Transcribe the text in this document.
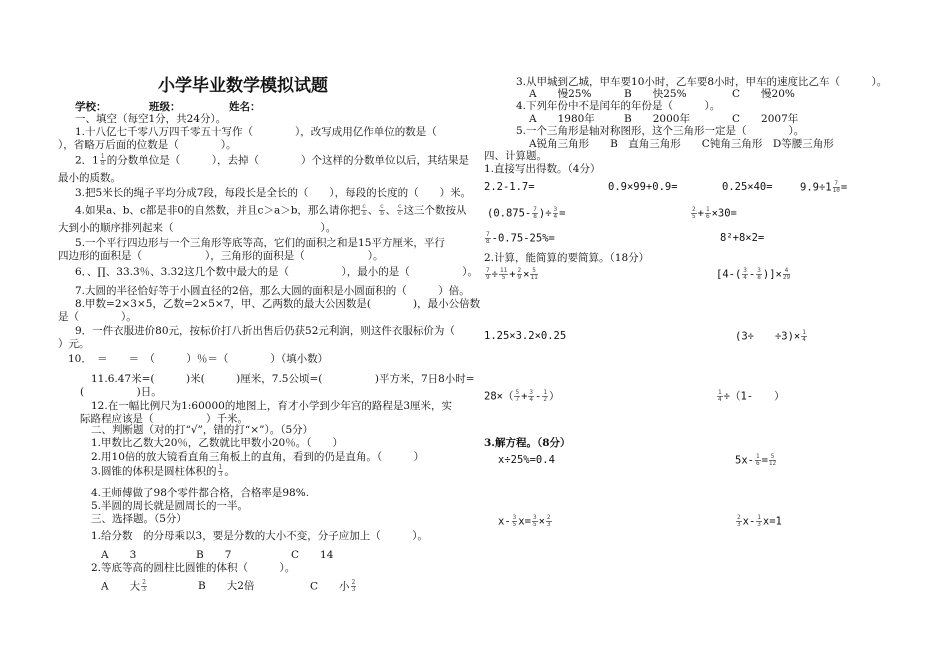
小学毕业数学模拟试题
学校：	班级：	姓名：
一、填空（每空1分，共24分）。
1.十八亿七千零八万四千零五十写作（　　　　），改写成用亿作单位的数是（
），省略万后面的位数是（　　　　）。
2．$1 \frac{1}{8}$ 的分数单位是（　　　），去掉（　　　　）个这样的分数单位以后，其结果是
最小的质数。
3.把5米长的绳子平均分成7段，每段长是全长的（　　），每段的长度的（　　）米。
4.如果a、b、c都是非0的自然数，并且c＞a＞b，那么请你把 $\frac{c}{a}$ 、 $\frac{c}{b}$ 、 $\frac{c}{c}$ 这三个数按从
大到小的顺序排列起来（　　　　　　　　　　　　　　）。
5.一个平行四边形与一个三角形等底等高，它们的面积之和是15平方厘米，平行
四边形的面积是（　　　　　　），三角形的面积是（　　　　　　）。
6．、∏、33.3％、3.32这几个数中最大的是（　　　　　），最小的是（　　　　　）。
7.大圆的半径恰好等于小圆直径的2倍，那么大圆的面积是小圆面积的（　　　）倍。
8.甲数=2×3×5，乙数=2×5×7，甲、乙两数的最大公因数是(　　　　)，最小公倍数
是（　　　　）。
9．一件衣服进价80元，按标价打八折出售后仍获52元利润，则这件衣服标价为（
）元。
10．　＝　　＝　（　　　）％＝（　　　　）（填小数）
11.6.47米=(　　　)米(　　　)厘米，7.5公顷=(　　　　　)平方米，7日8小时=
(　　　　　)日。
12.在一幅比例尺为1:60000的地图上，育才小学到少年宫的路程是3厘米，实
际路程应该是（　　　　　）千米。
二、判断题（对的打“√”，错的打“×”）。（5分）
1.甲数比乙数大20％，乙数就比甲数小20％。（　　）
2.用10倍的放大镜看直角三角板上的直角，看到的仍是直角。（　　　）
3.圆锥的体积是圆柱体积的 $\frac{1}{3}$ 。
4.王师傅做了98个零件都合格，合格率是98%.
5.半圆的周长就是圆周长的一半。
三、选择题。（5分）
1.给分数　的分母乘以3，要是分数的大小不变，分子应加上（　　　）。
A　　3	B　　7	C　　14
2.等底等高的圆柱比圆锥的体积（　　　）。
A　　大 $\frac{2}{3}$	B　　大2倍	C　　小 $\frac{2}{3}$
3.从甲城到乙城，甲车要10小时，乙车要8小时，甲车的速度比乙车（　　　）。
A　　慢25%	B　　快25%	C　　慢20%
4.下列年份中不是闰年的年份是（　　　）。
A　　1980年	B　　2000年	C　　2007年
5.一个三角形是轴对称图形，这个三角形一定是（　　　　）。
A锐角三角形　　B　直角三角形　　C钝角三角形　D等腰三角形
四、计算题。
1.直接写出得数。（4分）
2.2-1.7=	0.9×99+0.9=	0.25×40=	$9.9\div 1 \frac{7}{10}$ =
($0.875- \frac{7}{8}$ )÷ $\frac{3}{4}$ =	$\frac{2}{5} + \frac{1}{6} \times 30=$
$\frac{7}{8} -0.75-25\%=$	8²+8×2=
2.计算，能简算的要简算。（18分）
$\frac{7}{9} \div \frac{11}{5} + \frac{2}{9} \times \frac{5}{11}$	[$4-( \frac{3}{4} - \frac{3}{8}$ )]× $\frac{4}{29}$
1.25×3.2×0.25	(3÷　　$\div 3)\times \frac{1}{4}$
$28\times( \frac{5}{7} + \frac{3}{4} - \frac{1}{2}$ ）	$\frac{1}{4} \div(1-$　　）
3.解方程。（8分）
x÷25%=0.4	$5x- \frac{1}{6} = \frac{5}{12}$
$x- \frac{3}{5} x= \frac{3}{5} \times \frac{2}{3}$	$\frac{2}{3} x- \frac{1}{3} x=1$
